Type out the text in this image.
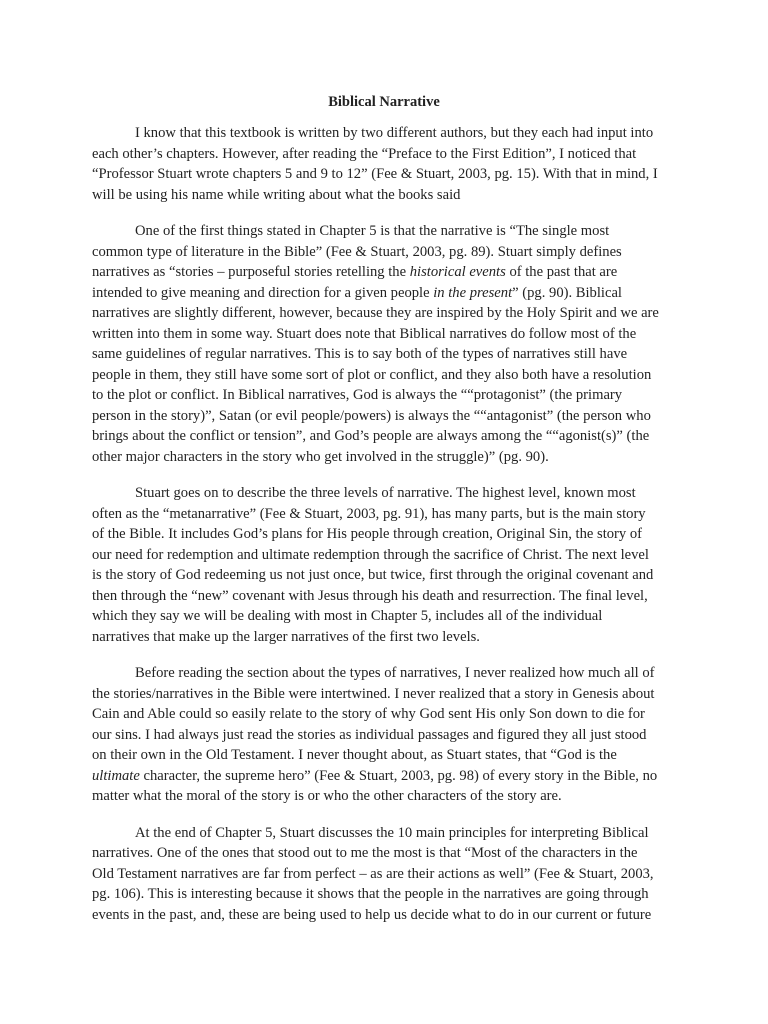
Biblical Narrative

I know that this textbook is written by two different authors, but they each had input into
each other’s chapters. However, after reading the “Preface to the First Edition”, I noticed that
“Professor Stuart wrote chapters 5 and 9 to 12” (Fee & Stuart, 2003, pg. 15). With that in mind, I
will be using his name while writing about what the books said

One of the first things stated in Chapter 5 is that the narrative is “The single most
common type of literature in the Bible” (Fee & Stuart, 2003, pg. 89). Stuart simply defines
narratives as “stories – purposeful stories retelling the historical events of the past that are
intended to give meaning and direction for a given people in the present” (pg. 90). Biblical
narratives are slightly different, however, because they are inspired by the Holy Spirit and we are
written into them in some way. Stuart does note that Biblical narratives do follow most of the
same guidelines of regular narratives. This is to say both of the types of narratives still have
people in them, they still have some sort of plot or conflict, and they also both have a resolution
to the plot or conflict. In Biblical narratives, God is always the ““protagonist” (the primary
person in the story)”, Satan (or evil people/powers) is always the ““antagonist” (the person who
brings about the conflict or tension”, and God’s people are always among the ““agonist(s)” (the
other major characters in the story who get involved in the struggle)” (pg. 90).

Stuart goes on to describe the three levels of narrative. The highest level, known most
often as the “metanarrative” (Fee & Stuart, 2003, pg. 91), has many parts, but is the main story
of the Bible. It includes God’s plans for His people through creation, Original Sin, the story of
our need for redemption and ultimate redemption through the sacrifice of Christ. The next level
is the story of God redeeming us not just once, but twice, first through the original covenant and
then through the “new” covenant with Jesus through his death and resurrection. The final level,
which they say we will be dealing with most in Chapter 5, includes all of the individual
narratives that make up the larger narratives of the first two levels.

Before reading the section about the types of narratives, I never realized how much all of
the stories/narratives in the Bible were intertwined. I never realized that a story in Genesis about
Cain and Able could so easily relate to the story of why God sent His only Son down to die for
our sins. I had always just read the stories as individual passages and figured they all just stood
on their own in the Old Testament. I never thought about, as Stuart states, that “God is the
ultimate character, the supreme hero” (Fee & Stuart, 2003, pg. 98) of every story in the Bible, no
matter what the moral of the story is or who the other characters of the story are.

At the end of Chapter 5, Stuart discusses the 10 main principles for interpreting Biblical
narratives. One of the ones that stood out to me the most is that “Most of the characters in the
Old Testament narratives are far from perfect – as are their actions as well” (Fee & Stuart, 2003,
pg. 106). This is interesting because it shows that the people in the narratives are going through
events in the past, and, these are being used to help us decide what to do in our current or future
